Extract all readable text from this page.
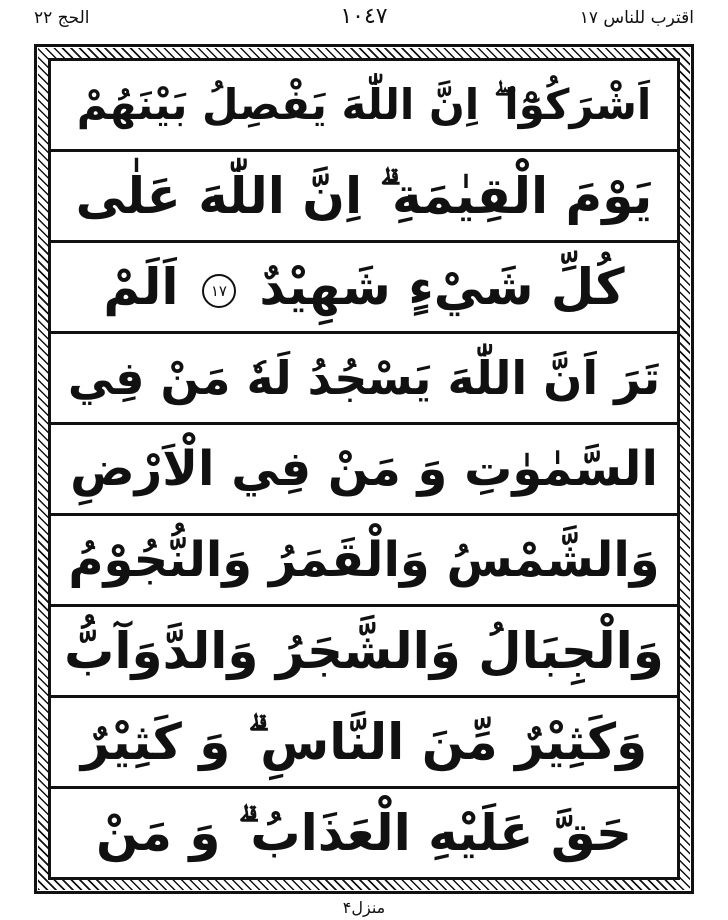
الحج ٢٢	١٠٤٧	اقترب للناس ١٧
اَشْرَكُوْٓا ۖ اِنَّ اللّٰهَ يَفْصِلُ بَيْنَهُمْ
يَوْمَ الْقِيٰمَةِ ۗ اِنَّ اللّٰهَ عَلٰى
كُلِّ شَيْءٍ شَهِيْدٌ ١٧ اَلَمْ
تَرَ اَنَّ اللّٰهَ يَسْجُدُ لَهٗ مَنْ فِي
السَّمٰوٰتِ وَ مَنْ فِي الْاَرْضِ
وَالشَّمْسُ وَالْقَمَرُ وَالنُّجُوْمُ
وَالْجِبَالُ وَالشَّجَرُ وَالدَّوَآبُّ
وَكَثِيْرٌ مِّنَ النَّاسِ ۗ وَ كَثِيْرٌ
حَقَّ عَلَيْهِ الْعَذَابُ ۗ وَ مَنْ
منزل۴
